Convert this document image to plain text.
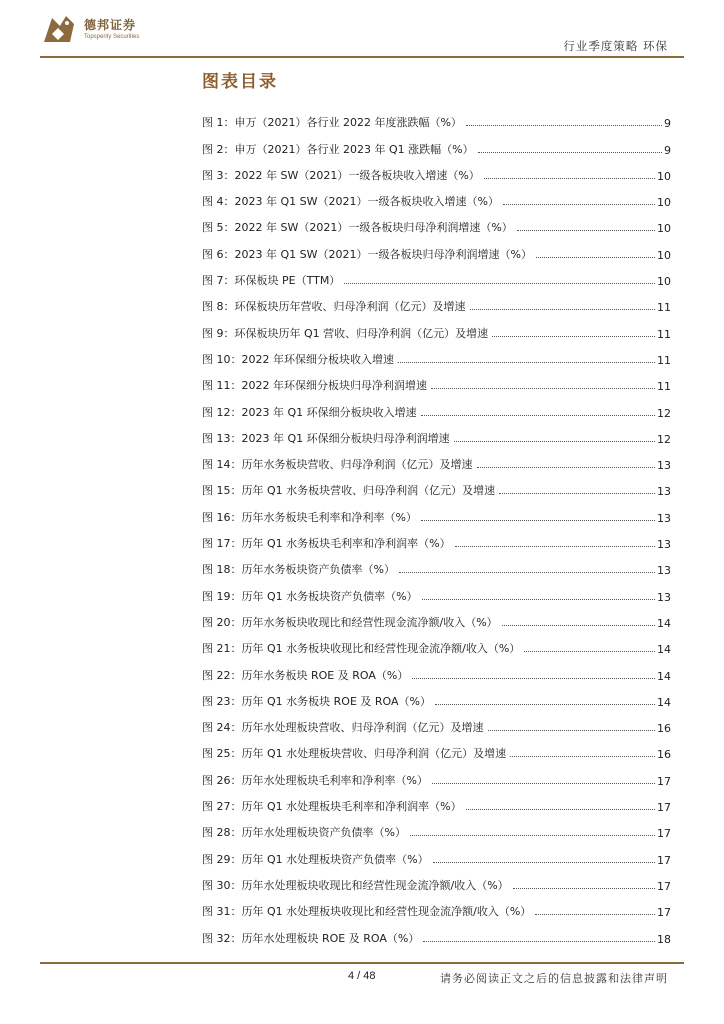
德邦证券
Topsperity Securities
行业季度策略 环保
图表目录
图 1：申万（2021）各行业 2022 年度涨跌幅（%）	9
图 2：申万（2021）各行业 2023 年 Q1 涨跌幅（%）	9
图 3：2022 年 SW（2021）一级各板块收入增速（%）	10
图 4：2023 年 Q1 SW（2021）一级各板块收入增速（%）	10
图 5：2022 年 SW（2021）一级各板块归母净利润增速（%）	10
图 6：2023 年 Q1 SW（2021）一级各板块归母净利润增速（%）	10
图 7：环保板块 PE（TTM）	10
图 8：环保板块历年营收、归母净利润（亿元）及增速	11
图 9：环保板块历年 Q1 营收、归母净利润（亿元）及增速	11
图 10：2022 年环保细分板块收入增速	11
图 11：2022 年环保细分板块归母净利润增速	11
图 12：2023 年 Q1 环保细分板块收入增速	12
图 13：2023 年 Q1 环保细分板块归母净利润增速	12
图 14：历年水务板块营收、归母净利润（亿元）及增速	13
图 15：历年 Q1 水务板块营收、归母净利润（亿元）及增速	13
图 16：历年水务板块毛利率和净利率（%）	13
图 17：历年 Q1 水务板块毛利率和净利润率（%）	13
图 18：历年水务板块资产负债率（%）	13
图 19：历年 Q1 水务板块资产负债率（%）	13
图 20：历年水务板块收现比和经营性现金流净额/收入（%）	14
图 21：历年 Q1 水务板块收现比和经营性现金流净额/收入（%）	14
图 22：历年水务板块 ROE 及 ROA（%）	14
图 23：历年 Q1 水务板块 ROE 及 ROA（%）	14
图 24：历年水处理板块营收、归母净利润（亿元）及增速	16
图 25：历年 Q1 水处理板块营收、归母净利润（亿元）及增速	16
图 26：历年水处理板块毛利率和净利率（%）	17
图 27：历年 Q1 水处理板块毛利率和净利润率（%）	17
图 28：历年水处理板块资产负债率（%）	17
图 29：历年 Q1 水处理板块资产负债率（%）	17
图 30：历年水处理板块收现比和经营性现金流净额/收入（%）	17
图 31：历年 Q1 水处理板块收现比和经营性现金流净额/收入（%）	17
图 32：历年水处理板块 ROE 及 ROA（%）	18
4 / 48	请务必阅读正文之后的信息披露和法律声明
